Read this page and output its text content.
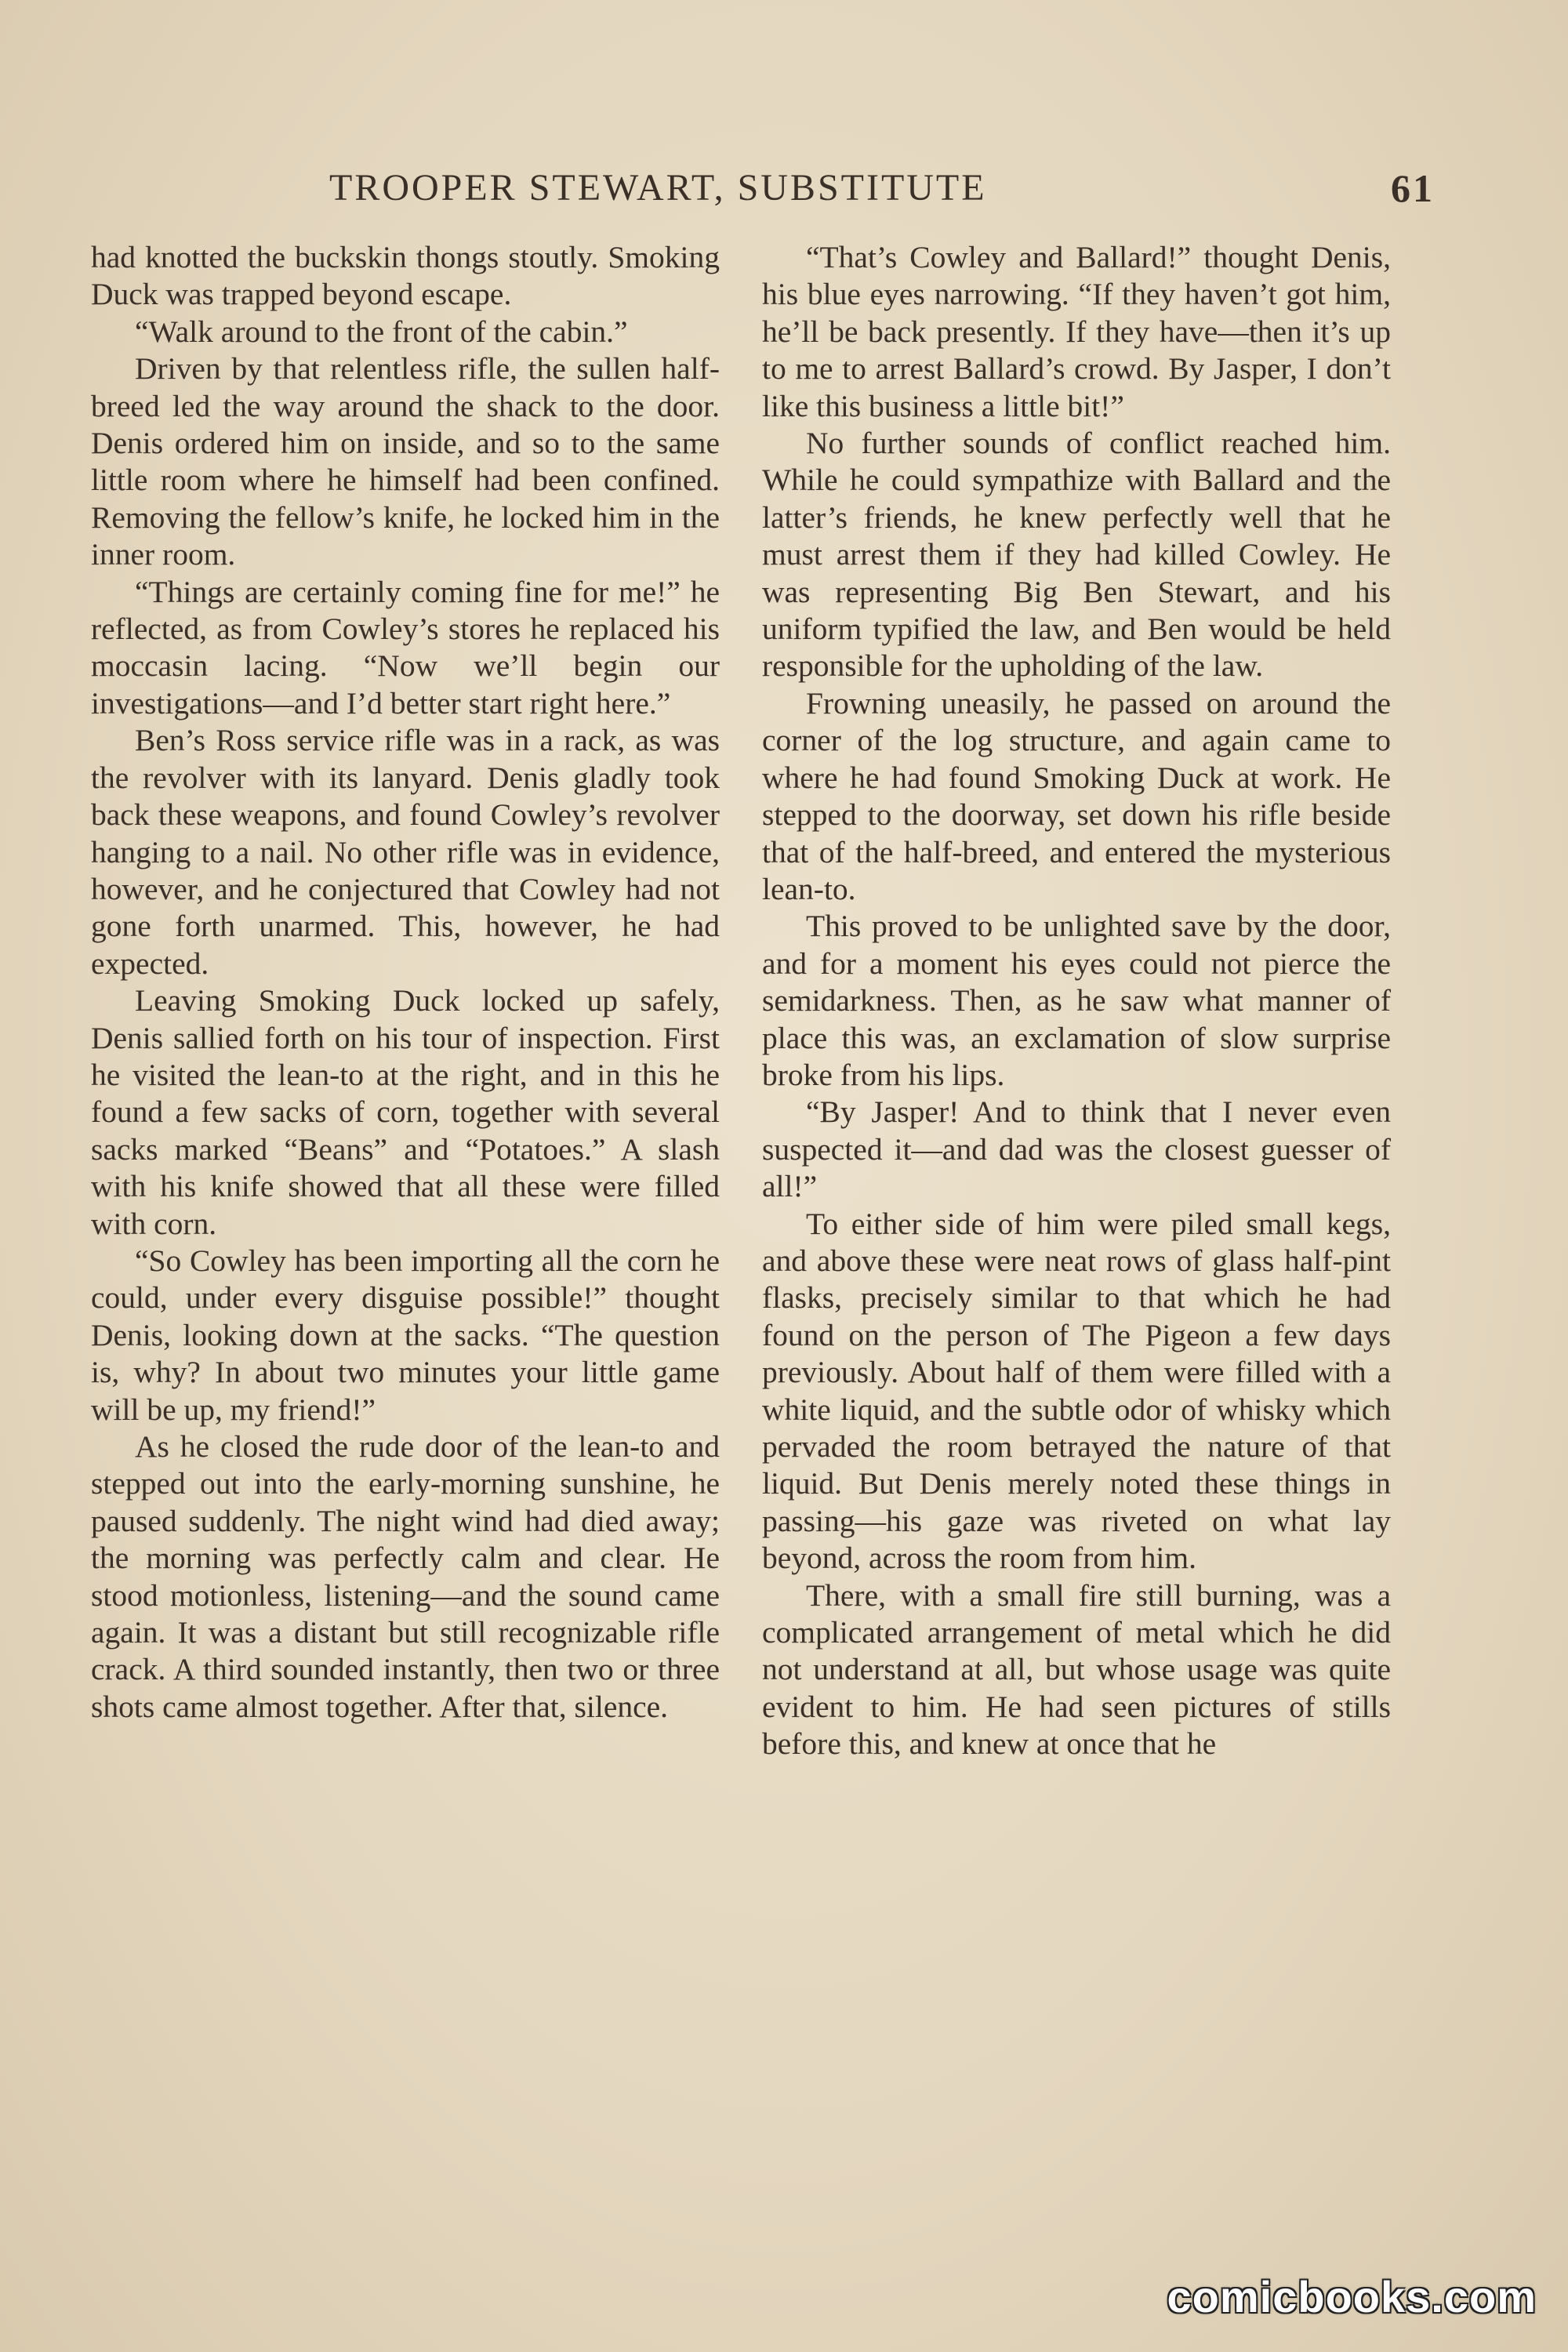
TROOPER STEWART, SUBSTITUTE	61

had knotted the buckskin thongs stoutly. Smoking Duck was trapped beyond escape.

“Walk around to the front of the cabin.”

Driven by that relentless rifle, the sullen half-breed led the way around the shack to the door. Denis ordered him on inside, and so to the same little room where he himself had been confined. Removing the fellow’s knife, he locked him in the inner room.

“Things are certainly coming fine for me!” he reflected, as from Cowley’s stores he replaced his moccasin lacing. “Now we’ll begin our investigations—and I’d better start right here.”

Ben’s Ross service rifle was in a rack, as was the revolver with its lanyard. Denis gladly took back these weapons, and found Cowley’s revolver hanging to a nail. No other rifle was in evidence, however, and he conjectured that Cowley had not gone forth unarmed. This, however, he had expected.

Leaving Smoking Duck locked up safely, Denis sallied forth on his tour of inspection. First he visited the lean-to at the right, and in this he found a few sacks of corn, together with several sacks marked “Beans” and “Potatoes.” A slash with his knife showed that all these were filled with corn.

“So Cowley has been importing all the corn he could, under every disguise possible!” thought Denis, looking down at the sacks. “The question is, why? In about two minutes your little game will be up, my friend!”

As he closed the rude door of the lean-to and stepped out into the early-morning sunshine, he paused suddenly. The night wind had died away; the morning was perfectly calm and clear. He stood motionless, listening—and the sound came again. It was a distant but still recognizable rifle crack. A third sounded instantly, then two or three shots came almost together. After that, silence.

“That’s Cowley and Ballard!” thought Denis, his blue eyes narrowing. “If they haven’t got him, he’ll be back presently. If they have—then it’s up to me to arrest Ballard’s crowd. By Jasper, I don’t like this business a little bit!”

No further sounds of conflict reached him. While he could sympathize with Ballard and the latter’s friends, he knew perfectly well that he must arrest them if they had killed Cowley. He was representing Big Ben Stewart, and his uniform typified the law, and Ben would be held responsible for the upholding of the law.

Frowning uneasily, he passed on around the corner of the log structure, and again came to where he had found Smoking Duck at work. He stepped to the doorway, set down his rifle beside that of the half-breed, and entered the mysterious lean-to.

This proved to be unlighted save by the door, and for a moment his eyes could not pierce the semidarkness. Then, as he saw what manner of place this was, an exclamation of slow surprise broke from his lips.

“By Jasper! And to think that I never even suspected it—and dad was the closest guesser of all!”

To either side of him were piled small kegs, and above these were neat rows of glass half-pint flasks, precisely similar to that which he had found on the person of The Pigeon a few days previously. About half of them were filled with a white liquid, and the subtle odor of whisky which pervaded the room betrayed the nature of that liquid. But Denis merely noted these things in passing—his gaze was riveted on what lay beyond, across the room from him.

There, with a small fire still burning, was a complicated arrangement of metal which he did not understand at all, but whose usage was quite evident to him. He had seen pictures of stills before this, and knew at once that he

comicbooks.com
